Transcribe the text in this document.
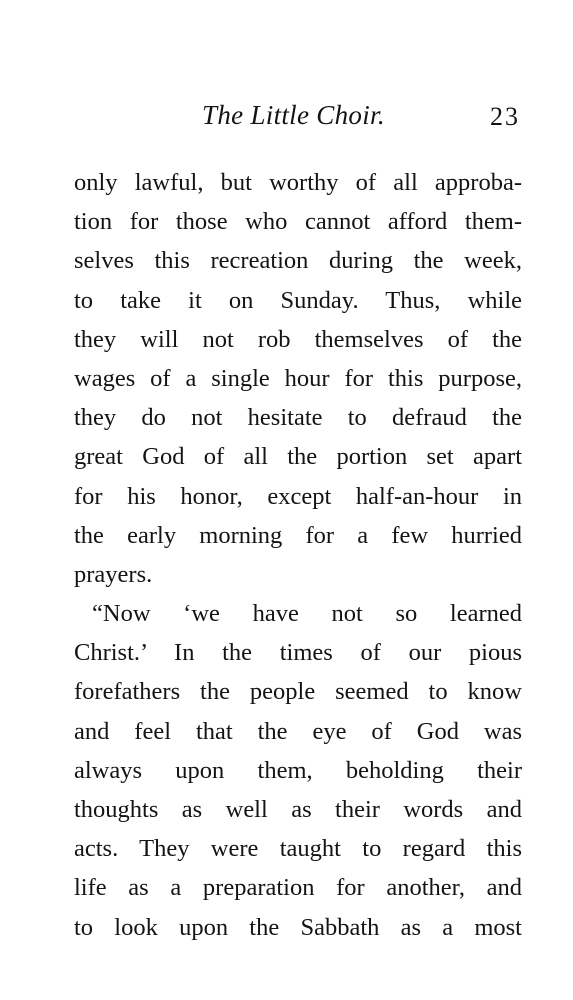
The Little Choir.	23
only lawful, but worthy of all approba-
tion for those who cannot afford them-
selves this recreation during the week,
to take it on Sunday. Thus, while
they will not rob themselves of the
wages of a single hour for this purpose,
they do not hesitate to defraud the
great God of all the portion set apart
for his honor, except half-an-hour in
the early morning for a few hurried
prayers.
“Now ‘we have not so learned
Christ.’ In the times of our pious
forefathers the people seemed to know
and feel that the eye of God was
always upon them, beholding their
thoughts as well as their words and
acts. They were taught to regard this
life as a preparation for another, and
to look upon the Sabbath as a most
